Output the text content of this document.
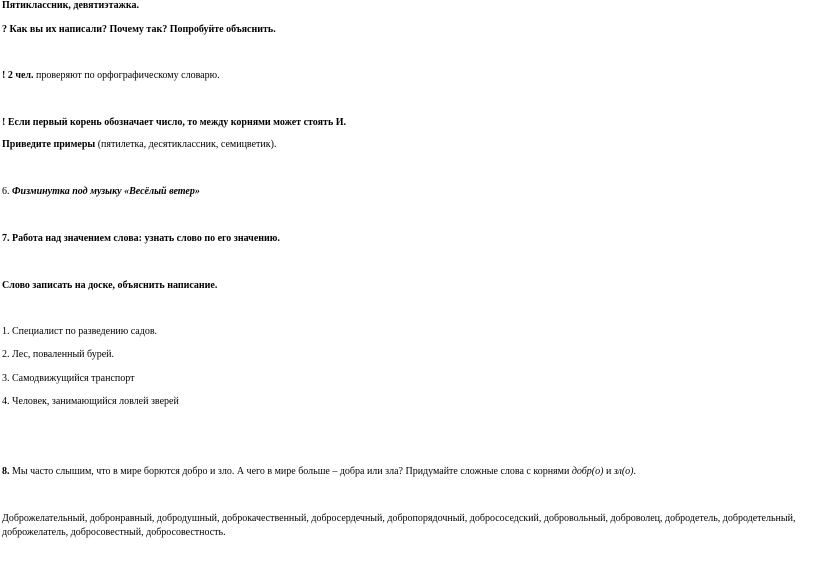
Пятиклассник, девятиэтажка.
? Как вы их написали? Почему так? Попробуйте объяснить.
! 2 чел. проверяют по орфографическому словарю.
! Если первый корень обозначает число, то между корнями может стоять И.
Приведите примеры (пятилетка, десятиклассник, семицветик).
6. Физминутка под музыку «Весёлый ветер»
7. Работа над значением слова: узнать слово по его значению.
Слово записать на доске, объяснить написание.
1. Специалист по разведению садов.
2. Лес, поваленный бурей.
3. Самодвижущийся транспорт
4. Человек, занимающийся ловлей зверей
8. Мы часто слышим, что в мире борются добро и зло. А чего в мире больше – добра или зла? Придумайте сложные слова с корнями добр(о) и зл(о).
Доброжелательный, добронравный, добродушный, доброкачественный, добросердечный, добропорядочный, добрососедский, добровольный, доброволец, добродетель, добродетельный, доброжелатель, добросовестный, добросовестность.
